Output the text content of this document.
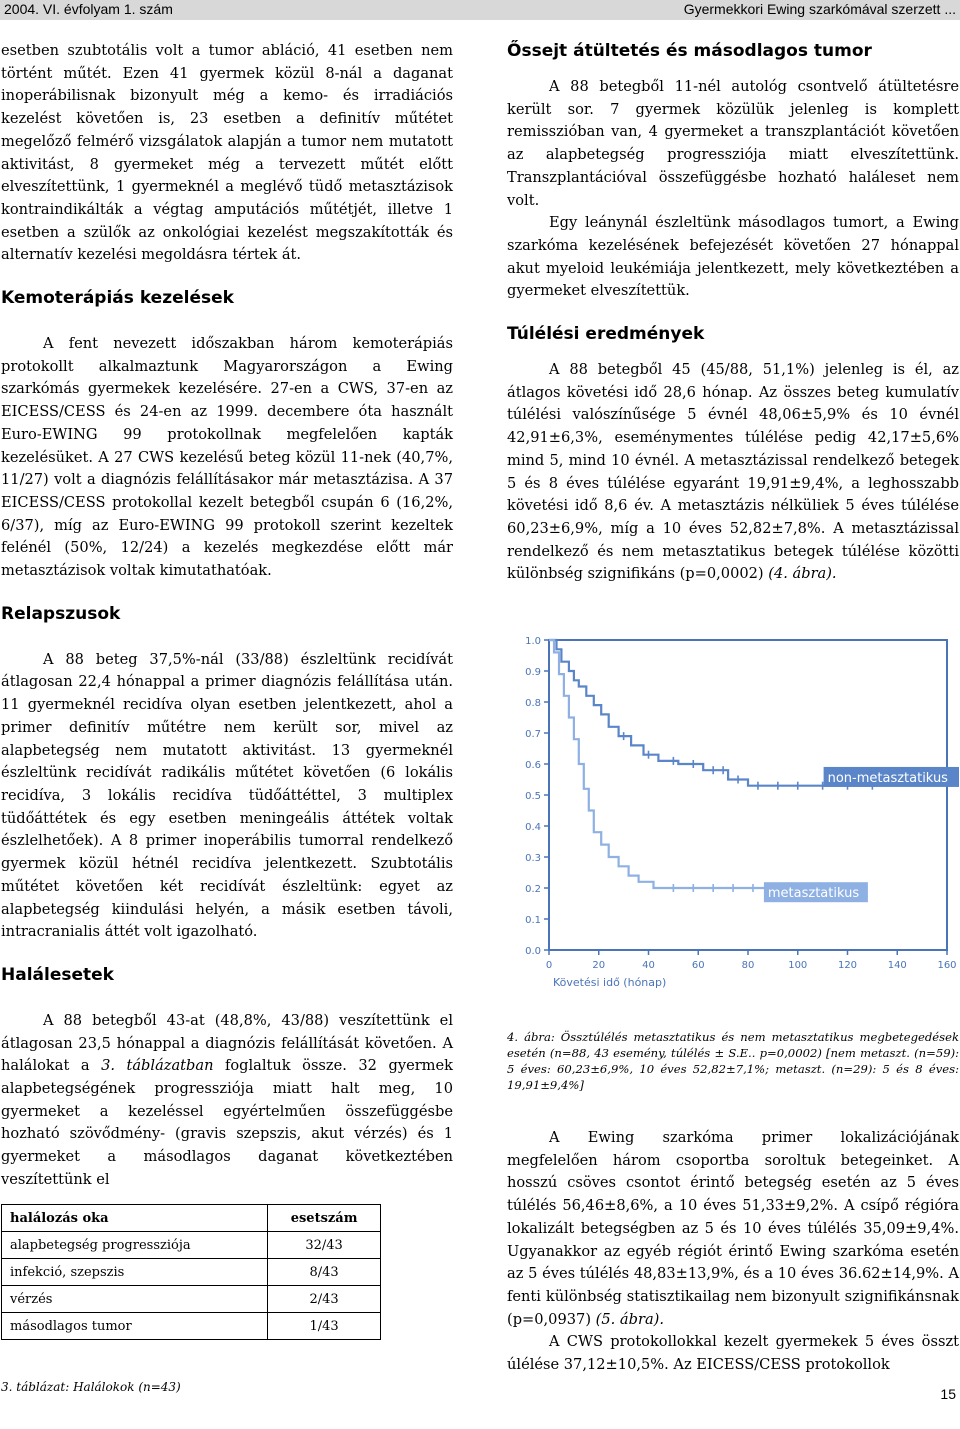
2004. VI. évfolyam 1. szám	Gyermekkori Ewing szarkómával szerzett ...

esetben szubtotális volt a tumor abláció, 41 esetben nem történt műtét. Ezen 41 gyermek közül 8-nál a daganat inoperábilisnak bizonyult még a kemo- és irradiációs kezelést követően is, 23 esetben a definitív műtétet megelőző felmérő vizsgálatok alapján a tumor nem mutatott aktivitást, 8 gyermeket még a tervezett műtét előtt elveszítettünk, 1 gyermeknél a meglévő tüdő metasztázisok kontraindikálták a végtag amputációs műtétjét, illetve 1 esetben a szülők az onkológiai kezelést megszakították és alternatív kezelési megoldásra tértek át.

Kemoterápiás kezelések

A fent nevezett időszakban három kemoterápiás protokollt alkalmaztunk Magyarországon a Ewing szarkómás gyermekek kezelésére. 27-en a CWS, 37-en az EICESS/CESS és 24-en az 1999. decembere óta használt Euro-EWING 99 protokollnak megfelelően kapták kezelésüket. A 27 CWS kezelésű beteg közül 11-nek (40,7%, 11/27) volt a diagnózis felállításakor már metasztázisa. A 37 EICESS/CESS protokollal kezelt betegből csupán 6 (16,2%, 6/37), míg az Euro-EWING 99 protokoll szerint kezeltek felénél (50%, 12/24) a kezelés megkezdése előtt már metasztázisok voltak kimutathatóak.

Relapszusok

A 88 beteg 37,5%-nál (33/88) észleltünk recidívát átlagosan 22,4 hónappal a primer diagnózis felállítása után. 11 gyermeknél recidíva olyan esetben jelentkezett, ahol a primer definitív műtétre nem került sor, mivel az alapbetegség nem mutatott aktivitást. 13 gyermeknél észleltünk recidívát radikális műtétet követően (6 lokális recidíva, 3 lokális recidíva tüdőáttéttel, 3 multiplex tüdőáttétek és egy esetben meningeális áttétek voltak észlelhetőek). A 8 primer inoperábilis tumorral rendelkező gyermek közül hétnél recidíva jelentkezett. Szubtotális műtétet követően két recidívát észleltünk: egyet az alapbetegség kiindulási helyén, a másik esetben távoli, intracranialis áttét volt igazolható.

Halálesetek

A 88 betegből 43-at (48,8%, 43/88) veszítettünk el átlagosan 23,5 hónappal a diagnózis felállítását követően. A halálokat a 3. táblázatban foglaltuk össze. 32 gyermek alapbetegségének progressziója miatt halt meg, 10 gyermeket a kezeléssel egyértelműen összefüggésbe hozható szövődmény- (gravis szepszis, akut vérzés) és 1 gyermeket a másodlagos daganat következtében veszítettünk el

halálozás oka	esetszám
alapbetegség progressziója	32/43
infekció, szepszis	8/43
vérzés	2/43
másodlagos tumor	1/43
3. táblázat: Halálokok (n=43)
Őssejt átültetés és másodlagos tumor

A 88 betegből 11-nél autológ csontvelő átültetésre került sor. 7 gyermek közülük jelenleg is komplett remisszióban van, 4 gyermeket a transzplantációt követően az alapbetegség progressziója miatt elveszítettünk. Transzplantációval összefüggésbe hozható haláleset nem volt.

Egy leánynál észleltünk másodlagos tumort, a Ewing szarkóma kezelésének befejezését követően 27 hónappal akut myeloid leukémiája jelentkezett, mely következtében a gyermeket elveszítettük.

Túlélési eredmények

A 88 betegből 45 (45/88, 51,1%) jelenleg is él, az átlagos követési idő 28,6 hónap. Az összes beteg kumulatív túlélési valószínűsége 5 évnél 48,06±5,9% és 10 évnél 42,91±6,3%, eseménymentes túlélése pedig 42,17±5,6% mind 5, mind 10 évnél. A metasztázissal rendelkező betegek 5 és 8 éves túlélése egyaránt 19,91±9,4%, a leghosszabb követési idő 8,6 év. A metasztázis nélküliek 5 éves túlélése 60,23±6,9%, míg a 10 éves 52,82±7,8%. A metasztázissal rendelkező és nem metasztatikus betegek túlélése közötti különbség szignifikáns (p=0,0002) (4. ábra).

0.0
0.1
0.2
0.3
0.4
0.5
0.6
0.7
0.8
0.9
1.0
0	20	40	60	80	100	120	140	160
Követési idő (hónap)
non-metasztatikus
metasztatikus
4. ábra: Össztúlélés metasztatikus és nem metasztatikus megbetegedések esetén (n=88, 43 esemény, túlélés ± S.E.. p=0,0002) [nem metaszt. (n=59): 5 éves: 60,23±6,9%, 10 éves 52,82±7,1%; metaszt. (n=29): 5 és 8 éves: 19,91±9,4%]

A Ewing szarkóma primer lokalizációjának megfelelően három csoportba soroltuk betegeinket. A hosszú csöves csontot érintő betegség esetén az 5 éves túlélés 56,46±8,6%, a 10 éves 51,33±9,2%. A csípő régióra lokalizált betegségben az 5 és 10 éves túlélés 35,09±9,4%. Ugyanakkor az egyéb régiót érintő Ewing szarkóma esetén az 5 éves túlélés 48,83±13,9%, és a 10 éves 36.62±14,9%. A fenti különbség statisztikailag nem bizonyult szignifikánsnak (p=0,0937) (5. ábra).

A CWS protokollokkal kezelt gyermekek 5 éves összt úlélése 37,12±10,5%. Az EICESS/CESS protokollok

15
